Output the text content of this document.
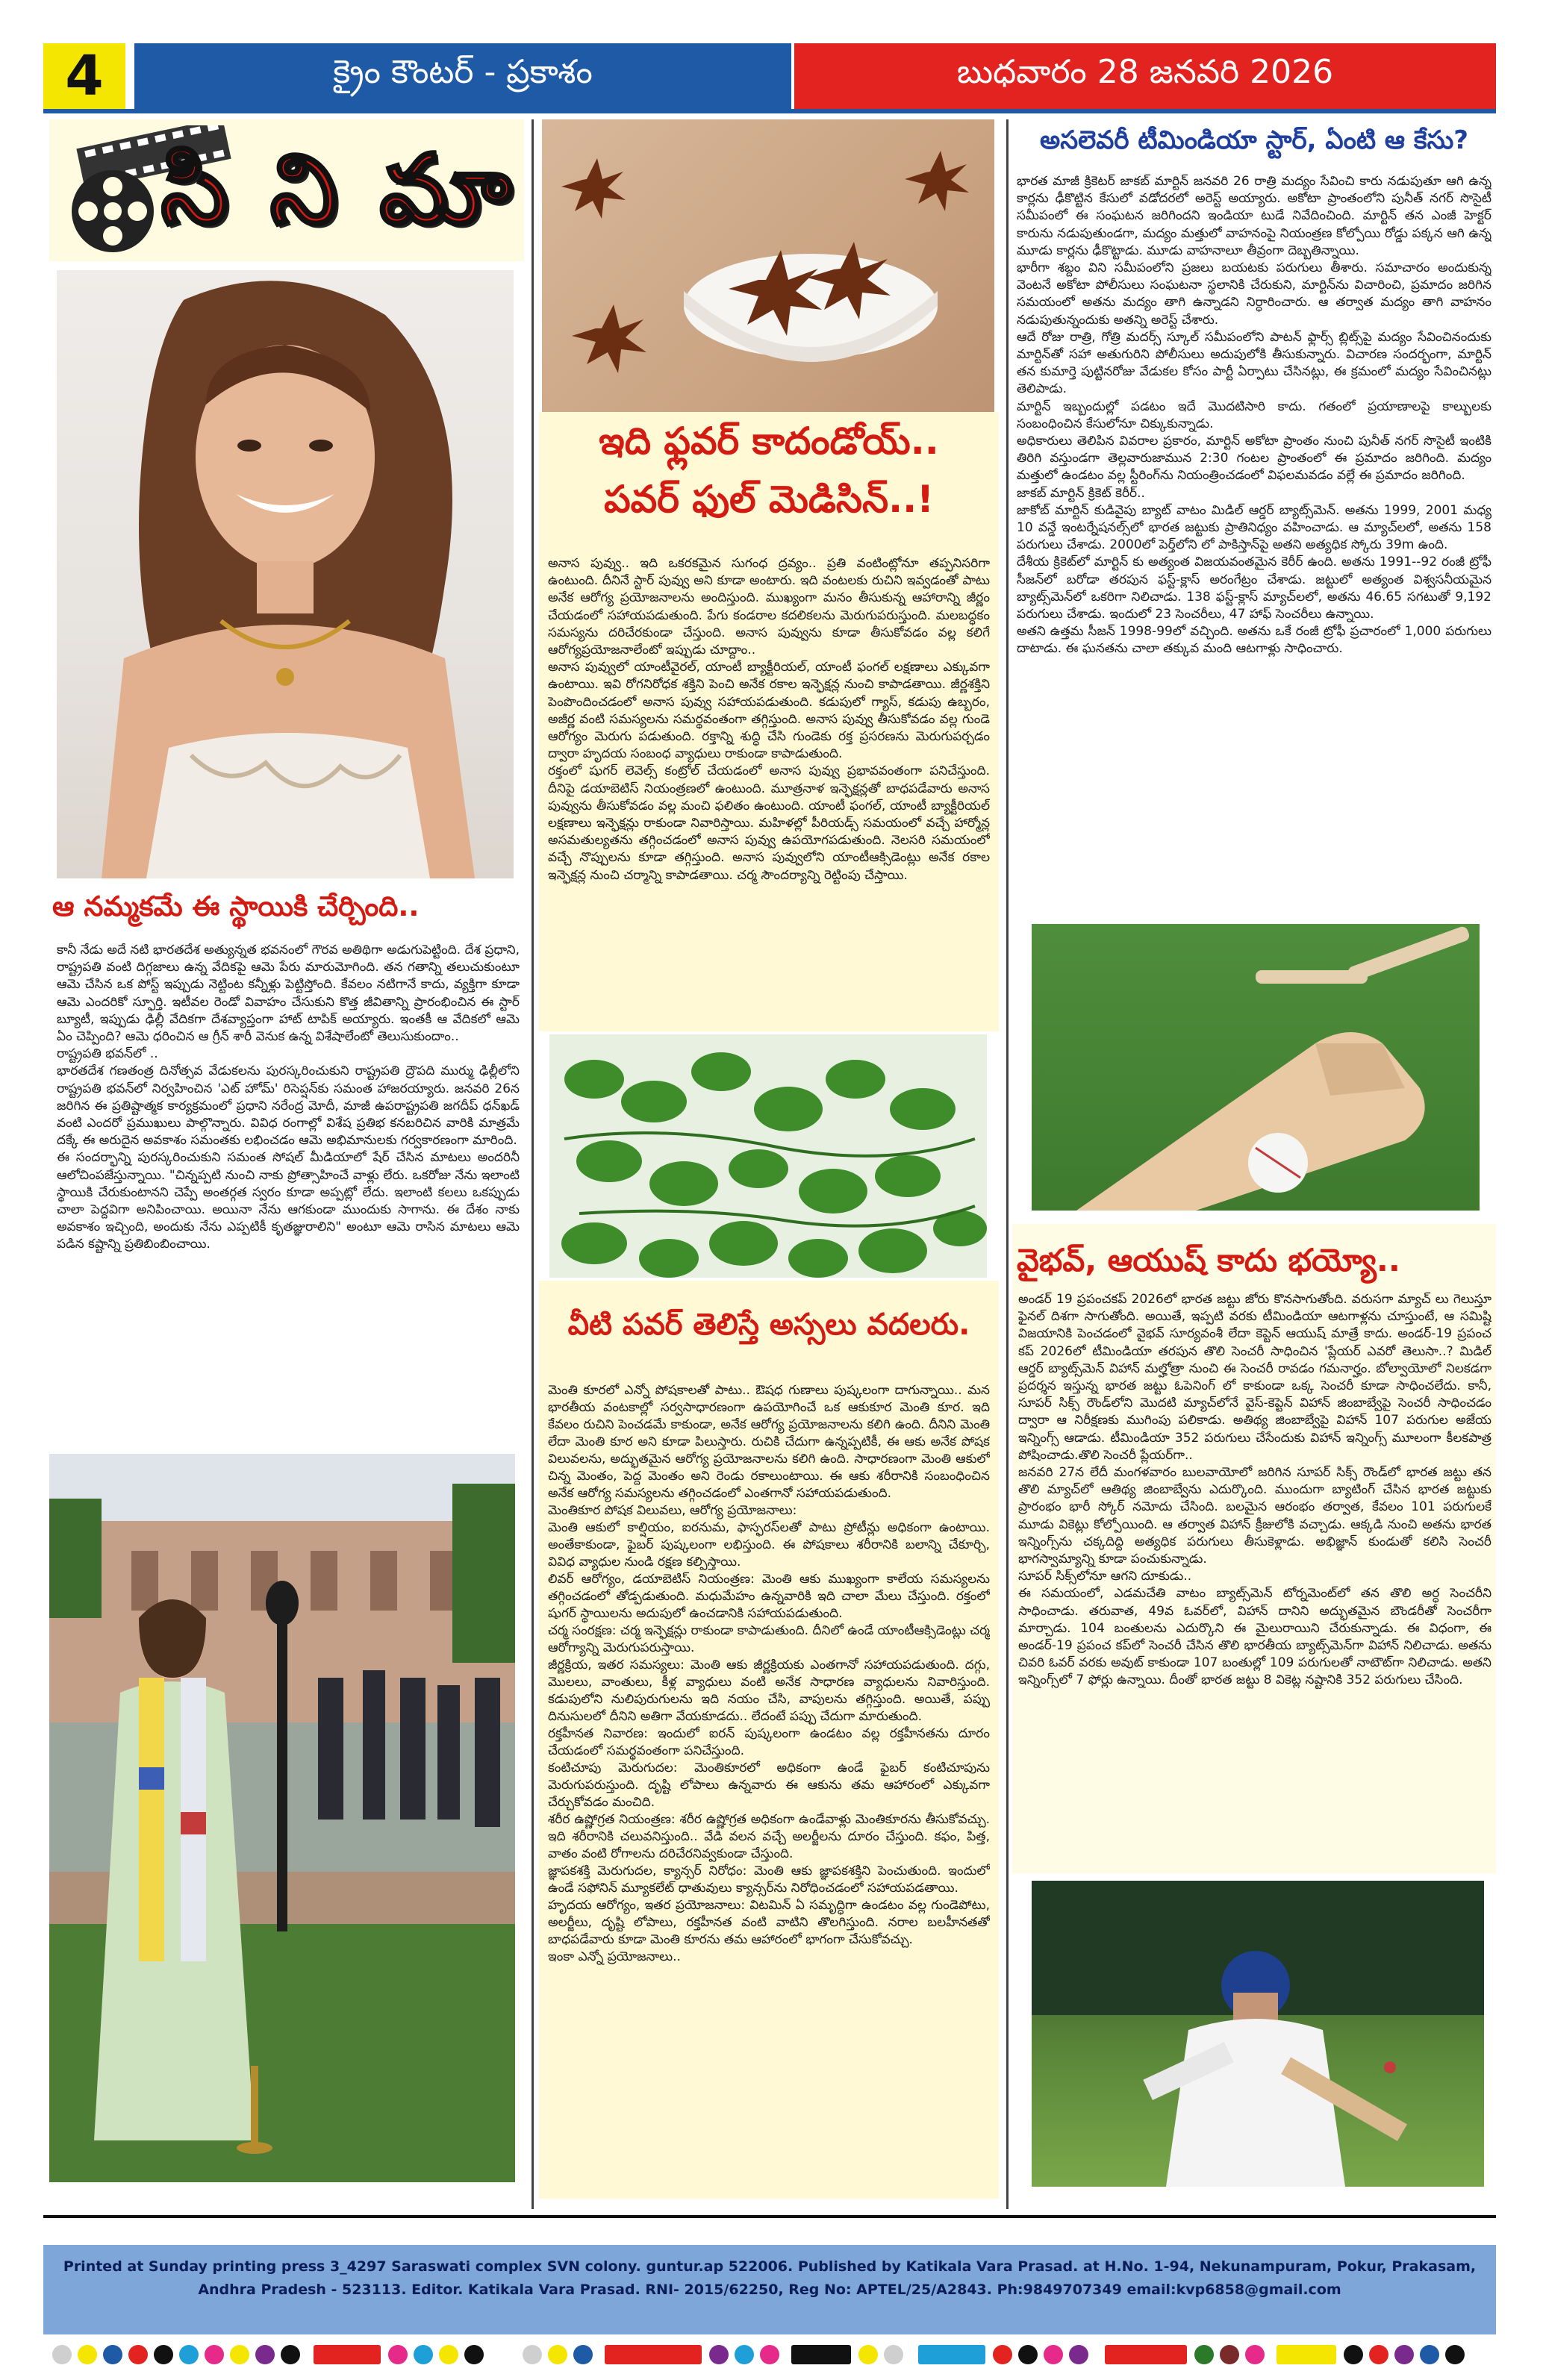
4	క్రైం కౌంటర్ - ప్రకాశం	బుధవారం 28 జనవరి 2026
సి ని మా
ఆ నమ్మకమే ఈ స్థాయికి చేర్చింది..
కానీ నేడు అదే నటి భారతదేశ అత్యున్నత భవనంలో గౌరవ అతిథిగా అడుగుపెట్టింది. దేశ ప్రధాని, రాష్ట్రపతి వంటి దిగ్గజాలు ఉన్న వేదికపై ఆమె పేరు మారుమోగింది. తన గతాన్ని తలుచుకుంటూ ఆమె చేసిన ఒక పోస్ట్ ఇప్పుడు నెట్టింట కన్నీళ్లు పెట్టిస్తోంది. కేవలం నటిగానే కాదు, వ్యక్తిగా కూడా ఆమె ఎందరికో స్ఫూర్తి. ఇటీవల రెండో వివాహం చేసుకుని కొత్త జీవితాన్ని ప్రారంభించిన ఈ స్టార్ బ్యూటీ, ఇప్పుడు ఢిల్లీ వేదికగా దేశవ్యాప్తంగా హాట్ టాపిక్ అయ్యారు. ఇంతకీ ఆ వేదికలో ఆమె ఏం చెప్పింది? ఆమె ధరించిన ఆ గ్రీన్ శారీ వెనుక ఉన్న విశేషాలేంటో తెలుసుకుందాం..
రాష్ట్రపతి భవన్‌లో ..
భారతదేశ గణతంత్ర దినోత్సవ వేడుకలను పురస్కరించుకుని రాష్ట్రపతి ద్రౌపది ముర్ము ఢిల్లీలోని రాష్ట్రపతి భవన్‌లో నిర్వహించిన 'ఎట్ హోమ్' రిసెప్షన్‌కు సమంత హాజరయ్యారు. జనవరి 26న జరిగిన ఈ ప్రతిష్టాత్మక కార్యక్రమంలో ప్రధాని నరేంద్ర మోదీ, మాజీ ఉపరాష్ట్రపతి జగదీప్ ధన్‌ఖడ్ వంటి ఎందరో ప్రముఖులు పాల్గొన్నారు. వివిధ రంగాల్లో విశేష ప్రతిభ కనబరిచిన వారికి మాత్రమే దక్కే ఈ అరుదైన అవకాశం సమంతకు లభించడం ఆమె అభిమానులకు గర్వకారణంగా మారింది.
ఈ సందర్భాన్ని పురస్కరించుకుని సమంత సోషల్ మీడియాలో షేర్ చేసిన మాటలు అందరినీ ఆలోచింపజేస్తున్నాయి. "చిన్నప్పటి నుంచి నాకు ప్రోత్సాహించే వాళ్లు లేరు. ఒకరోజు నేను ఇలాంటి స్థాయికి చేరుకుంటానని చెప్పే అంతర్గత స్వరం కూడా అప్పట్లో లేదు. ఇలాంటి కలలు ఒకప్పుడు చాలా పెద్దవిగా అనిపించాయి. అయినా నేను ఆగకుండా ముందుకు సాగాను. ఈ దేశం నాకు అవకాశం ఇచ్చింది, అందుకు నేను ఎప్పటికీ కృతజ్ఞురాలిని" అంటూ ఆమె రాసిన మాటలు ఆమె పడిన కష్టాన్ని ప్రతిబింబించాయి.
ఇది ఫ్లవర్ కాదండోయ్..
పవర్ ఫుల్ మెడిసిన్..!
అనాస పువ్వు.. ఇది ఒకరకమైన సుగంధ ద్రవ్యం.. ప్రతి వంటింట్లోనూ తప్పనిసరిగా ఉంటుంది. దీనినే స్టార్ పువ్వు అని కూడా అంటారు. ఇది వంటలకు రుచిని ఇవ్వడంతో పాటు అనేక ఆరోగ్య ప్రయోజనాలను అందిస్తుంది. ముఖ్యంగా మనం తీసుకున్న ఆహారాన్ని జీర్ణం చేయడంలో సహాయపడుతుంది. పేగు కండరాల కదలికలను మెరుగుపరుస్తుంది. మలబద్ధకం సమస్యను దరిచేరకుండా చేస్తుంది. అనాస పువ్వును కూడా తీసుకోవడం వల్ల కలిగే ఆరోగ్యప్రయోజనాలేంటో ఇప్పుడు చూద్దాం..
అనాస పువ్వులో యాంటీవైరల్, యాంటీ బ్యాక్టీరియల్, యాంటీ ఫంగల్ లక్షణాలు ఎక్కువగా ఉంటాయి. ఇవి రోగనిరోధక శక్తిని పెంచి అనేక రకాల ఇన్ఫెక్షన్ల నుంచి కాపాడతాయి. జీర్ణశక్తిని పెంపొందించడంలో అనాస పువ్వు సహాయపడుతుంది. కడుపులో గ్యాస్, కడుపు ఉబ్బరం, అజీర్ణ వంటి సమస్యలను సమర్థవంతంగా తగ్గిస్తుంది. అనాస పువ్వు తీసుకోవడం వల్ల గుండె ఆరోగ్యం మెరుగు పడుతుంది. రక్తాన్ని శుద్ధి చేసి గుండెకు రక్త ప్రసరణను మెరుగుపర్చడం ద్వారా హృదయ సంబంధ వ్యాధులు రాకుండా కాపాడుతుంది.
రక్తంలో షుగర్ లెవెల్స్ కంట్రోల్ చేయడంలో అనాస పువ్వు ప్రభావవంతంగా పనిచేస్తుంది. దీనిపై డయాబెటిస్ నియంత్రణలో ఉంటుంది. మూత్రనాళ ఇన్ఫెక్షన్లతో బాధపడేవారు అనాస పువ్వును తీసుకోవడం వల్ల మంచి ఫలితం ఉంటుంది. యాంటీ ఫంగల్, యాంటీ బ్యాక్టీరియల్ లక్షణాలు ఇన్ఫెక్షన్లు రాకుండా నివారిస్తాయి. మహిళల్లో పీరియడ్స్ సమయంలో వచ్చే హార్మోన్ల అసమతుల్యతను తగ్గించడంలో అనాస పువ్వు ఉపయోగపడుతుంది. నెలసరి సమయంలో వచ్చే నొప్పులను కూడా తగ్గిస్తుంది. అనాస పువ్వులోని యాంటీఆక్సిడెంట్లు అనేక రకాల ఇన్ఫెక్షన్ల నుంచి చర్మాన్ని కాపాడతాయి. చర్మ సౌందర్యాన్ని రెట్టింపు చేస్తాయి.
వీటి పవర్ తెలిస్తే అస్సలు వదలరు.
మెంతి కూరలో ఎన్నో పోషకాలతో పాటు.. ఔషధ గుణాలు పుష్కలంగా దాగున్నాయి.. మన భారతీయ వంటకాల్లో సర్వసాధారణంగా ఉపయోగించే ఒక ఆకుకూర మెంతి కూర. ఇది కేవలం రుచిని పెంచడమే కాకుండా, అనేక ఆరోగ్య ప్రయోజనాలను కలిగి ఉంది. దీనిని మెంతి లేదా మెంతి కూర అని కూడా పిలుస్తారు. రుచికి చేదుగా ఉన్నప్పటికీ, ఈ ఆకు అనేక పోషక విలువలను, అద్భుతమైన ఆరోగ్య ప్రయోజనాలను కలిగి ఉంది. సాధారణంగా మెంతి ఆకులో చిన్న మెంతం, పెద్ద మెంతం అని రెండు రకాలుంటాయి. ఈ ఆకు శరీరానికి సంబంధించిన అనేక ఆరోగ్య సమస్యలను తగ్గించడంలో ఎంతగానో సహాయపడుతుంది.
మెంతికూర పోషక విలువలు, ఆరోగ్య ప్రయోజనాలు:
మెంతి ఆకులో కాల్షియం, ఐరనుమ, ఫాస్ఫరస్‌లతో పాటు ప్రోటీన్లు అధికంగా ఉంటాయి. అంతేకాకుండా, ఫైబర్ పుష్కలంగా లభిస్తుంది. ఈ పోషకాలు శరీరానికి బలాన్ని చేకూర్చి, వివిధ వ్యాధుల నుండి రక్షణ కల్పిస్తాయి.
లివర్ ఆరోగ్యం, డయాబెటిస్ నియంత్రణ: మెంతి ఆకు ముఖ్యంగా కాలేయ సమస్యలను తగ్గించడంలో తోడ్పడుతుంది. మధుమేహం ఉన్నవారికి ఇది చాలా మేలు చేస్తుంది. రక్తంలో షుగర్ స్థాయిలను అదుపులో ఉంచడానికి సహాయపడుతుంది.
చర్మ సంరక్షణ: చర్మ ఇన్ఫెక్షన్లు రాకుండా కాపాడుతుంది. దీనిలో ఉండే యాంటీఆక్సిడెంట్లు చర్మ ఆరోగ్యాన్ని మెరుగుపరుస్తాయి.
జీర్ణక్రియ, ఇతర సమస్యలు: మెంతి ఆకు జీర్ణక్రియకు ఎంతగానో సహాయపడుతుంది. దగ్గు, మొలలు, వాంతులు, కీళ్ల వ్యాధులు వంటి అనేక సాధారణ వ్యాధులను నివారిస్తుంది. కడుపులోని నులిపురుగులను ఇది నయం చేసి, వాపులను తగ్గిస్తుంది. అయితే, పప్పు దినుసులలో దీనిని అతిగా వేయకూడదు.. లేదంటే పప్పు చేదుగా మారుతుంది.
రక్తహీనత నివారణ: ఇందులో ఐరన్ పుష్కలంగా ఉండటం వల్ల రక్తహీనతను దూరం చేయడంలో సమర్థవంతంగా పనిచేస్తుంది.
కంటిచూపు మెరుగుదల: మెంతికూరలో అధికంగా ఉండే ఫైబర్ కంటిచూపును మెరుగుపరుస్తుంది. దృష్టి లోపాలు ఉన్నవారు ఈ ఆకును తమ ఆహారంలో ఎక్కువగా చేర్చుకోవడం మంచిది.
శరీర ఉష్ణోగ్రత నియంత్రణ: శరీర ఉష్ణోగ్రత అధికంగా ఉండేవాళ్లు మెంతికూరను తీసుకోవచ్చు. ఇది శరీరానికి చలువనిస్తుంది.. వేడి వలన వచ్చే అలర్జీలను దూరం చేస్తుంది. కఫం, పిత్త, వాతం వంటి రోగాలను దరిచేరనివ్వకుండా చేస్తుంది.
జ్ఞాపకశక్తి మెరుగుదల, క్యాన్సర్ నిరోధం: మెంతి ఆకు జ్ఞాపకశక్తిని పెంచుతుంది. ఇందులో ఉండే సఫోనిన్ మ్యూకలేట్ ధాతువులు క్యాన్సర్‌ను నిరోధించడంలో సహాయపడతాయి.
హృదయ ఆరోగ్యం, ఇతర ప్రయోజనాలు: విటమిన్ ఏ సమృద్ధిగా ఉండటం వల్ల గుండెపోటు, అలర్జీలు, దృష్టి లోపాలు, రక్తహీనత వంటి వాటిని తొలగిస్తుంది. నరాల బలహీనతతో బాధపడేవారు కూడా మెంతి కూరను తమ ఆహారంలో భాగంగా చేసుకోవచ్చు.
ఇంకా ఎన్నో ప్రయోజనాలు..
అసలెవరీ టీమిండియా స్టార్, ఏంటి ఆ కేసు?
భారత మాజీ క్రికెటర్ జాకబ్ మార్టిన్ జనవరి 26 రాత్రి మద్యం సేవించి కారు నడుపుతూ ఆగి ఉన్న కార్లను ఢీకొట్టిన కేసులో వడోదరలో అరెస్ట్ అయ్యారు. అకోటా ప్రాంతంలోని పునీత్ నగర్ సొసైటీ సమీపంలో ఈ సంఘటన జరిగిందని ఇండియా టుడే నివేదించింది. మార్టిన్ తన ఎంజీ హెక్టర్ కారును నడుపుతుండగా, మద్యం మత్తులో వాహనంపై నియంత్రణ కోల్పోయి రోడ్డు పక్కన ఆగి ఉన్న మూడు కార్లను ఢీకొట్టాడు. మూడు వాహనాలూ తీవ్రంగా దెబ్బతిన్నాయి.
భారీగా శబ్దం విని సమీపంలోని ప్రజలు బయటకు పరుగులు తీశారు. సమాచారం అందుకున్న వెంటనే అకోటా పోలీసులు సంఘటనా స్థలానికి చేరుకుని, మార్టిన్‌ను విచారించి, ప్రమాదం జరిగిన సమయంలో అతను మద్యం తాగి ఉన్నాడని నిర్ధారించారు. ఆ తర్వాత మద్యం తాగి వాహనం నడుపుతున్నందుకు అతన్ని అరెస్ట్ చేశారు.
ఆదే రోజు రాత్రి, గోత్రి మదర్స్ స్కూల్ సమీపంలోని పాటన్ ఫ్లార్స్ బ్లిట్స్‌పై మద్యం సేవించినందుకు మార్టిన్‌తో సహా అతుగురిని పోలీసులు అదుపులోకి తీసుకున్నారు. విచారణ సందర్భంగా, మార్టిన్ తన కుమార్తె పుట్టినరోజు వేడుకల కోసం పార్టీ ఏర్పాటు చేసినట్లు, ఈ క్రమంలో మద్యం సేవించినట్లు తెలిపాడు.
మార్టిన్ ఇబ్బందుల్లో పడటం ఇదే మొదటిసారి కాదు. గతంలో ప్రయాణాలపై కాల్బులకు సంబంధించిన కేసులోనూ చిక్కుకున్నాడు.
అధికారులు తెలిపిన వివరాల ప్రకారం, మార్టిన్ అకోటా ప్రాంతం నుంచి పునీత్ నగర్ సొసైటీ ఇంటికి తిరిగి వస్తుండగా తెల్లవారుజామున 2:30 గంటల ప్రాంతంలో ఈ ప్రమాదం జరిగింది. మద్యం మత్తులో ఉండటం వల్ల స్టీరింగ్‌ను నియంత్రించడంలో విఫలమవడం వల్లే ఈ ప్రమాదం జరిగింది.
జాకబ్ మార్టిన్ క్రికెట్ కెరీర్..
జాకోబ్ మార్టిన్ కుడివైపు బ్యాట్ వాటం మిడిల్ ఆర్డర్ బ్యాట్స్‌మెన్. అతను 1999, 2001 మధ్య 10 వన్డే ఇంటర్నేషనల్స్‌లో భారత జట్టుకు ప్రాతినిధ్యం వహించాడు. ఆ మ్యాచ్‌లలో, అతను 158 పరుగులు చేశాడు. 2000లో పెర్త్‌లోని లో పాకిస్తాన్‌పై అతని అత్యధిక స్కోరు 39m ఉంది.
దేశీయ క్రికెట్‌లో మార్టిన్ కు అత్యంత విజయవంతమైన కెరీర్ ఉంది. అతను 1991--92 రంజీ ట్రోఫీ సీజన్‌లో బరోడా తరపున ఫస్ట్-క్లాస్ అరంగేట్రం చేశాడు. జట్టులో అత్యంత విశ్వసనీయమైన బ్యాట్స్‌మెన్‌లో ఒకరిగా నిలిచాడు. 138 ఫస్ట్-క్లాస్ మ్యాచ్‌లలో, అతను 46.65 సగటుతో 9,192 పరుగులు చేశాడు. ఇందులో 23 సెంచరీలు, 47 హాఫ్ సెంచరీలు ఉన్నాయి.
అతని ఉత్తమ సీజన్ 1998-99లో వచ్చింది. అతను ఒకే రంజీ ట్రోఫీ ప్రచారంలో 1,000 పరుగులు దాటాడు. ఈ ఘనతను చాలా తక్కువ మంది ఆటగాళ్లు సాధించారు.
వైభవ్, ఆయుష్ కాదు భయ్యో..
అండర్ 19 ప్రపంచకప్ 2026లో భారత జట్టు జోరు కొనసాగుతోంది. వరుసగా మ్యాచ్ లు గెలుస్తూ ఫైనల్ దిశగా సాగుతోంది. అయితే, ఇప్పటి వరకు టీమిండియా ఆటగాళ్లను చూస్తుంటే, ఆ సమిష్టి విజయానికి పెంచడంలో వైభవ్ సూర్యవంశీ లేదా కెప్టెన్ ఆయుష్ మాత్రే కాదు. అండర్-19 ప్రపంచ కప్ 2026లో టీమిండియా తరపున తొలి సెంచరీ సాధించిన 'ప్లేయర్ ఎవరో తెలుసా..? మిడిల్ ఆర్డర్ బ్యాట్స్‌మెన్ విహాన్ మల్హోత్రా నుంచి ఈ సెంచరీ రావడం గమనార్హం. బోల్వాయోలో నిలకడగా ప్రదర్శన ఇస్తున్న భారత జట్టు ఓపెనింగ్ లో కాకుండా ఒక్క సెంచరీ కూడా సాధించలేదు. కానీ, సూపర్ సిక్స్ రౌండ్‌లోని మొదటి మ్యాచ్‌లోనే వైస్-కెప్టెన్ విహాన్ జింబాబ్వేపై సెంచరీ సాధించడం ద్వారా ఆ నిరీక్షణకు ముగింపు పలికాడు. అతిథ్య జింబాబ్వేపై విహాన్ 107 పరుగుల అజేయ ఇన్నింగ్స్ ఆడాడు. టీమిండియా 352 పరుగులు చేసేందుకు విహాన్ ఇన్నింగ్స్ మూలంగా కీలకపాత్ర పోషించాడు.తొలి సెంచరీ ప్లేయర్‌గా..
జనవరి 27న లేదీ మంగళవారం బులవాయోలో జరిగిన సూపర్ సిక్స్ రౌండ్‌లో భారత జట్టు తన తొలి మ్యాచ్‌లో ఆతిథ్య జింబాబ్వేను ఎదుర్కొంది. ముందుగా బ్యాటింగ్ చేసిన భారత జట్టుకు ప్రారంభం భారీ స్కోర్ నమోదు చేసింది. బలమైన ఆరంభం తర్వాత, కేవలం 101 పరుగులకే మూడు వికెట్లు కోల్పోయింది. ఆ తర్వాత విహాన్ క్రీజులోకి వచ్చాడు. ఆక్కడి నుంచి అతను భారత ఇన్నింగ్స్‌ను చక్కదిద్ది అత్యధిక పరుగులు తీసుకెళ్లాడు. అభిజ్ఞాన్ కుండుతో కలిసి సెంచరీ భాగస్వామ్యాన్ని కూడా పంచుకున్నాడు.
సూపర్ సిక్స్‌లోనూ ఆగని దూకుడు..
ఈ సమయంలో, ఎడమచేతి వాటం బ్యాట్స్‌మెన్ టోర్నమెంట్‌లో తన తొలి అర్ధ సెంచరీని సాధించాడు. తరువాత, 49వ ఓవర్‌లో, విహాన్ దానిని అద్భుతమైన బౌండరీతో సెంచరీగా మార్చాడు. 104 బంతులను ఎదుర్కొని ఈ మైలురాయిని చేరుకున్నాడు. ఈ విధంగా, ఈ అండర్-19 ప్రపంచ కప్‌లో సెంచరీ చేసిన తొలి భారతీయ బ్యాట్స్‌మెన్‌గా విహాన్ నిలిచాడు. అతను చివరి ఓవర్ వరకు అవుట్ కాకుండా 107 బంతుల్లో 109 పరుగులతో నాటౌట్‌గా నిలిచాడు. అతని ఇన్నింగ్స్‌లో 7 ఫోర్లు ఉన్నాయి. దీంతో భారత జట్టు 8 వికెట్ల నష్టానికి 352 పరుగులు చేసింది.
Printed at Sunday printing press 3_4297 Saraswati complex SVN colony. guntur.ap 522006. Published by Katikala Vara Prasad. at H.No. 1-94, Nekunampuram, Pokur, Prakasam, Andhra Pradesh - 523113. Editor. Katikala Vara Prasad. RNI- 2015/62250, Reg No: APTEL/25/A2843. Ph:9849707349 email:kvp6858@gmail.com
